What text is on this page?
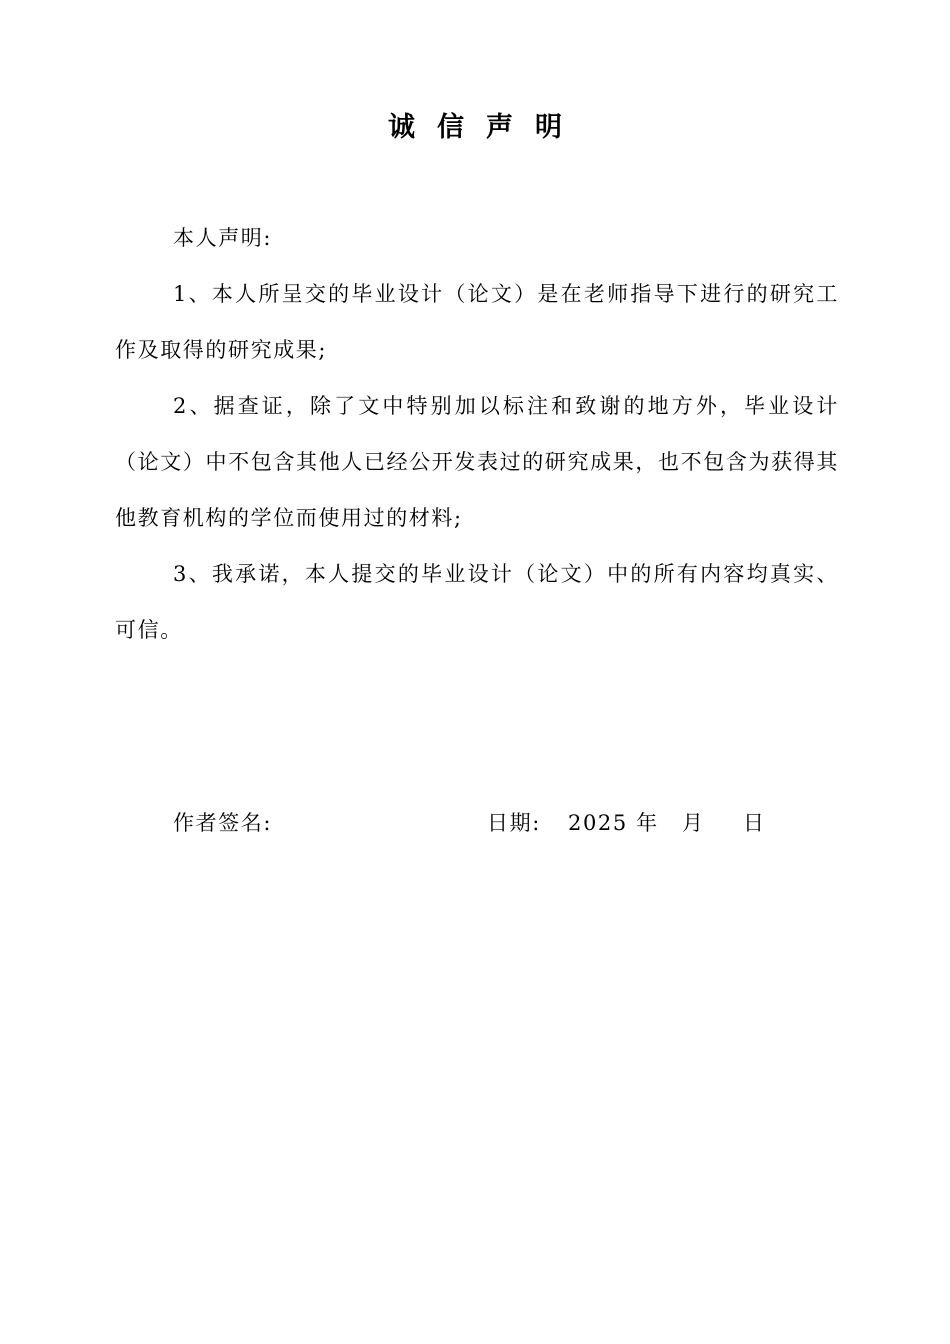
诚信声明

本人声明:

1、本人所呈交的毕业设计（论文）是在老师指导下进行的研究工作及取得的研究成果;

2、据查证，除了文中特别加以标注和致谢的地方外，毕业设计（论文）中不包含其他人已经公开发表过的研究成果，也不包含为获得其他教育机构的学位而使用过的材料;

3、我承诺，本人提交的毕业设计（论文）中的所有内容均真实、可信。

作者签名:	日期: 2025 年 月 日
